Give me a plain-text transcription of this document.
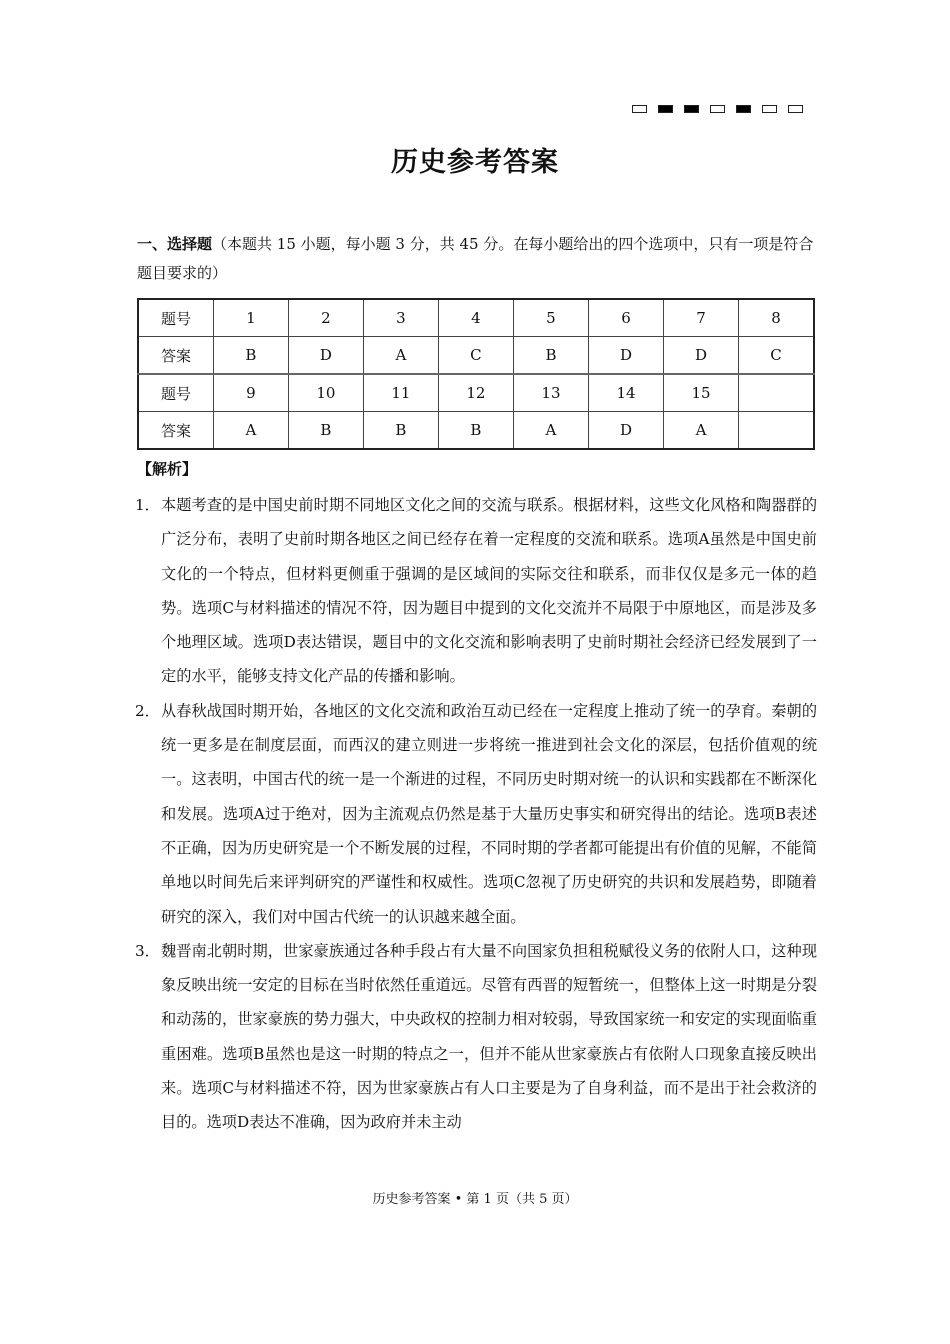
历史参考答案
一、选择题（本题共 15 小题，每小题 3 分，共 45 分。在每小题给出的四个选项中，只有一项是符合题目要求的）
题号	1	2	3	4	5	6	7	8
答案	B	D	A	C	B	D	D	C
题号	9	10	11	12	13	14	15	
答案	A	B	B	B	A	D	A	
【解析】
1． 本题考查的是中国史前时期不同地区文化之间的交流与联系。根据材料，这些文化风格和陶器群的广泛分布，表明了史前时期各地区之间已经存在着一定程度的交流和联系。选项A虽然是中国史前文化的一个特点，但材料更侧重于强调的是区域间的实际交往和联系，而非仅仅是多元一体的趋势。选项C与材料描述的情况不符，因为题目中提到的文化交流并不局限于中原地区，而是涉及多个地理区域。选项D表达错误，题目中的文化交流和影响表明了史前时期社会经济已经发展到了一定的水平，能够支持文化产品的传播和影响。
2． 从春秋战国时期开始，各地区的文化交流和政治互动已经在一定程度上推动了统一的孕育。秦朝的统一更多是在制度层面，而西汉的建立则进一步将统一推进到社会文化的深层，包括价值观的统一。这表明，中国古代的统一是一个渐进的过程，不同历史时期对统一的认识和实践都在不断深化和发展。选项A过于绝对，因为主流观点仍然是基于大量历史事实和研究得出的结论。选项B表述不正确，因为历史研究是一个不断发展的过程，不同时期的学者都可能提出有价值的见解，不能简单地以时间先后来评判研究的严谨性和权威性。选项C忽视了历史研究的共识和发展趋势，即随着研究的深入，我们对中国古代统一的认识越来越全面。
3． 魏晋南北朝时期，世家豪族通过各种手段占有大量不向国家负担租税赋役义务的依附人口，这种现象反映出统一安定的目标在当时依然任重道远。尽管有西晋的短暂统一，但整体上这一时期是分裂和动荡的，世家豪族的势力强大，中央政权的控制力相对较弱，导致国家统一和安定的实现面临重重困难。选项B虽然也是这一时期的特点之一，但并不能从世家豪族占有依附人口现象直接反映出来。选项C与材料描述不符，因为世家豪族占有人口主要是为了自身利益，而不是出于社会救济的目的。选项D表达不准确，因为政府并未主动
历史参考答案 • 第 1 页（共 5 页）
